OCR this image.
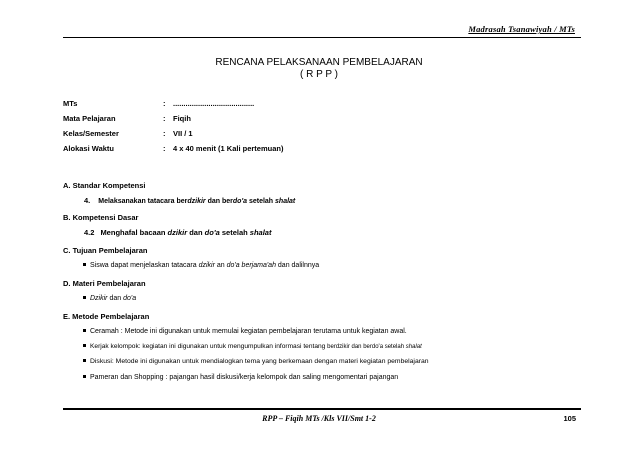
Madrasah Tsanawiyah / MTs
RENCANA PELAKSANAAN PEMBELAJARAN
( R P P )
MTs	:	.......................................
Mata Pelajaran	:	Fiqih
Kelas/Semester	:	VII / 1
Alokasi Waktu	:	4 x 40 menit (1 Kali pertemuan)
A. Standar Kompetensi
4. Melaksanakan tatacara berdzikir dan berdo'a setelah shalat
B. Kompetensi Dasar
4.2 Menghafal bacaan dzikir dan do'a setelah shalat
C. Tujuan Pembelajaran
Siswa dapat menjelaskan tatacara dzikir an do'a berjama'ah dan dalilnnya
D. Materi Pembelajaran
Dzikir dan do'a
E. Metode Pembelajaran
Ceramah : Metode ini digunakan untuk memulai kegiatan pembelajaran terutama untuk kegiatan awal.
Kerjak kelompok: kegiatan ini digunakan untuk mengumpulkan informasi tentang berdzikir dan berdo'a setelah shalat
Diskusi: Metode ini digunakan untuk mendialogkan tema yang berkemaan dengan materi kegiatan pembelajaran
Pameran dan Shopping : pajangan hasil diskusi/kerja kelompok dan saling mengomentari pajangan
RPP – Fiqih MTs /Kls VII/Smt 1-2	105
